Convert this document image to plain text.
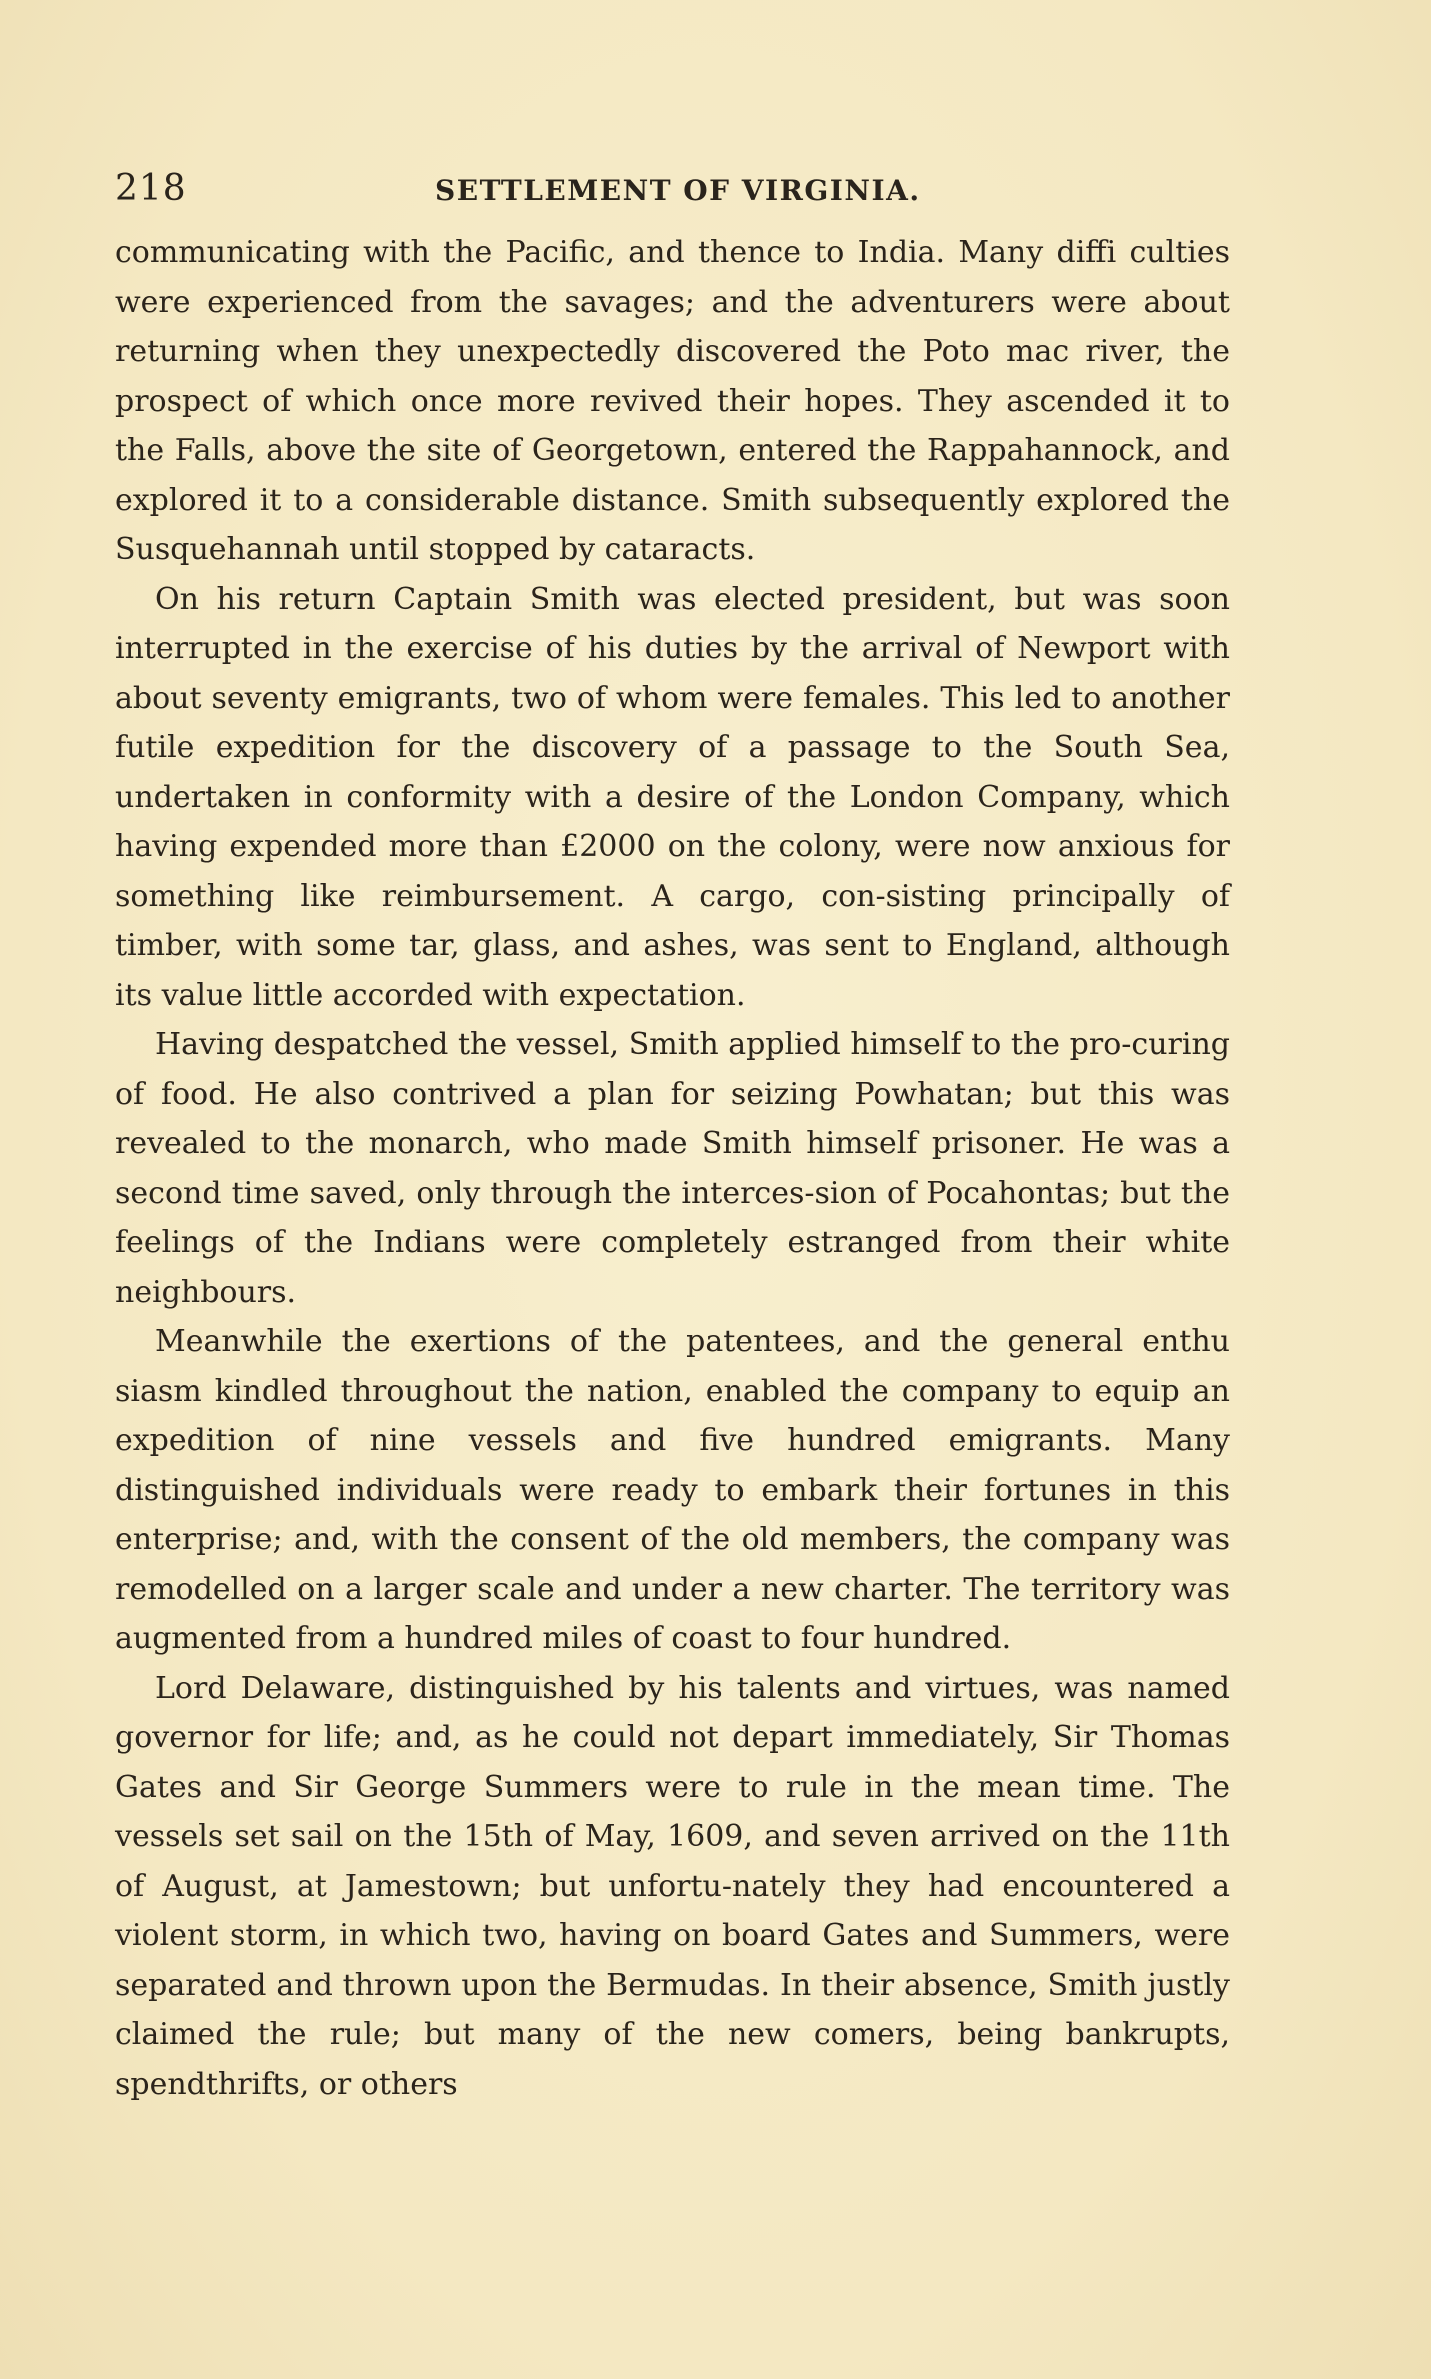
218	SETTLEMENT OF VIRGINIA.

communicating with the Pacific, and thence to India. Many diffi culties were experienced from the savages; and the adventurers were about returning when they unexpectedly discovered the Poto mac river, the prospect of which once more revived their hopes. They ascended it to the Falls, above the site of Georgetown, entered the Rappahannock, and explored it to a considerable distance. Smith subsequently explored the Susquehannah until stopped by cataracts.

On his return Captain Smith was elected president, but was soon interrupted in the exercise of his duties by the arrival of Newport with about seventy emigrants, two of whom were females. This led to another futile expedition for the discovery of a passage to the South Sea, undertaken in conformity with a desire of the London Company, which having expended more than £2000 on the colony, were now anxious for something like reimbursement. A cargo, con-sisting principally of timber, with some tar, glass, and ashes, was sent to England, although its value little accorded with expectation.

Having despatched the vessel, Smith applied himself to the pro-curing of food. He also contrived a plan for seizing Powhatan; but this was revealed to the monarch, who made Smith himself prisoner. He was a second time saved, only through the interces-sion of Pocahontas; but the feelings of the Indians were completely estranged from their white neighbours.

Meanwhile the exertions of the patentees, and the general enthu siasm kindled throughout the nation, enabled the company to equip an expedition of nine vessels and five hundred emigrants. Many distinguished individuals were ready to embark their fortunes in this enterprise; and, with the consent of the old members, the company was remodelled on a larger scale and under a new charter. The territory was augmented from a hundred miles of coast to four hundred.

Lord Delaware, distinguished by his talents and virtues, was named governor for life; and, as he could not depart immediately, Sir Thomas Gates and Sir George Summers were to rule in the mean time. The vessels set sail on the 15th of May, 1609, and seven arrived on the 11th of August, at Jamestown; but unfortu-nately they had encountered a violent storm, in which two, having on board Gates and Summers, were separated and thrown upon the Bermudas. In their absence, Smith justly claimed the rule; but many of the new comers, being bankrupts, spendthrifts, or others
